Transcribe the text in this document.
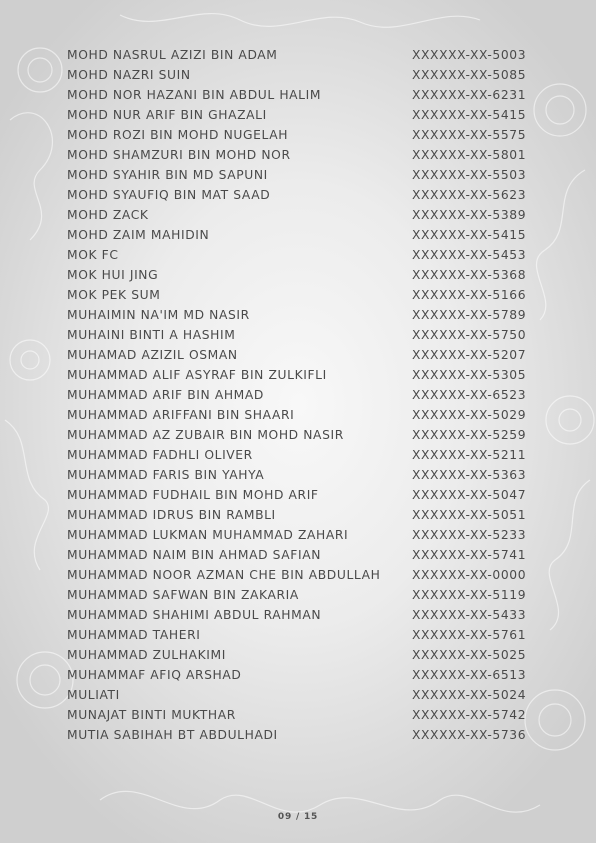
MOHD NASRUL AZIZI BIN ADAM	XXXXXX-XX-5003
MOHD NAZRI SUIN	XXXXXX-XX-5085
MOHD NOR HAZANI BIN ABDUL HALIM	XXXXXX-XX-6231
MOHD NUR ARIF BIN GHAZALI	XXXXXX-XX-5415
MOHD ROZI BIN MOHD NUGELAH	XXXXXX-XX-5575
MOHD SHAMZURI BIN MOHD NOR	XXXXXX-XX-5801
MOHD SYAHIR BIN MD SAPUNI	XXXXXX-XX-5503
MOHD SYAUFIQ BIN MAT SAAD	XXXXXX-XX-5623
MOHD ZACK	XXXXXX-XX-5389
MOHD ZAIM MAHIDIN	XXXXXX-XX-5415
MOK FC	XXXXXX-XX-5453
MOK HUI JING	XXXXXX-XX-5368
MOK PEK SUM	XXXXXX-XX-5166
MUHAIMIN NA'IM MD NASIR	XXXXXX-XX-5789
MUHAINI BINTI A HASHIM	XXXXXX-XX-5750
MUHAMAD AZIZIL OSMAN	XXXXXX-XX-5207
MUHAMMAD ALIF ASYRAF BIN ZULKIFLI	XXXXXX-XX-5305
MUHAMMAD ARIF BIN AHMAD	XXXXXX-XX-6523
MUHAMMAD ARIFFANI BIN SHAARI	XXXXXX-XX-5029
MUHAMMAD AZ ZUBAIR BIN MOHD NASIR	XXXXXX-XX-5259
MUHAMMAD FADHLI OLIVER	XXXXXX-XX-5211
MUHAMMAD FARIS BIN YAHYA	XXXXXX-XX-5363
MUHAMMAD FUDHAIL BIN MOHD ARIF	XXXXXX-XX-5047
MUHAMMAD IDRUS BIN RAMBLI	XXXXXX-XX-5051
MUHAMMAD LUKMAN MUHAMMAD ZAHARI	XXXXXX-XX-5233
MUHAMMAD NAIM BIN AHMAD SAFIAN	XXXXXX-XX-5741
MUHAMMAD NOOR AZMAN CHE BIN ABDULLAH	XXXXXX-XX-0000
MUHAMMAD SAFWAN BIN ZAKARIA	XXXXXX-XX-5119
MUHAMMAD SHAHIMI ABDUL RAHMAN	XXXXXX-XX-5433
MUHAMMAD TAHERI	XXXXXX-XX-5761
MUHAMMAD ZULHAKIMI	XXXXXX-XX-5025
MUHAMMAF AFIQ ARSHAD	XXXXXX-XX-6513
MULIATI	XXXXXX-XX-5024
MUNAJAT BINTI MUKTHAR	XXXXXX-XX-5742
MUTIA SABIHAH BT ABDULHADI	XXXXXX-XX-5736
09 / 15
